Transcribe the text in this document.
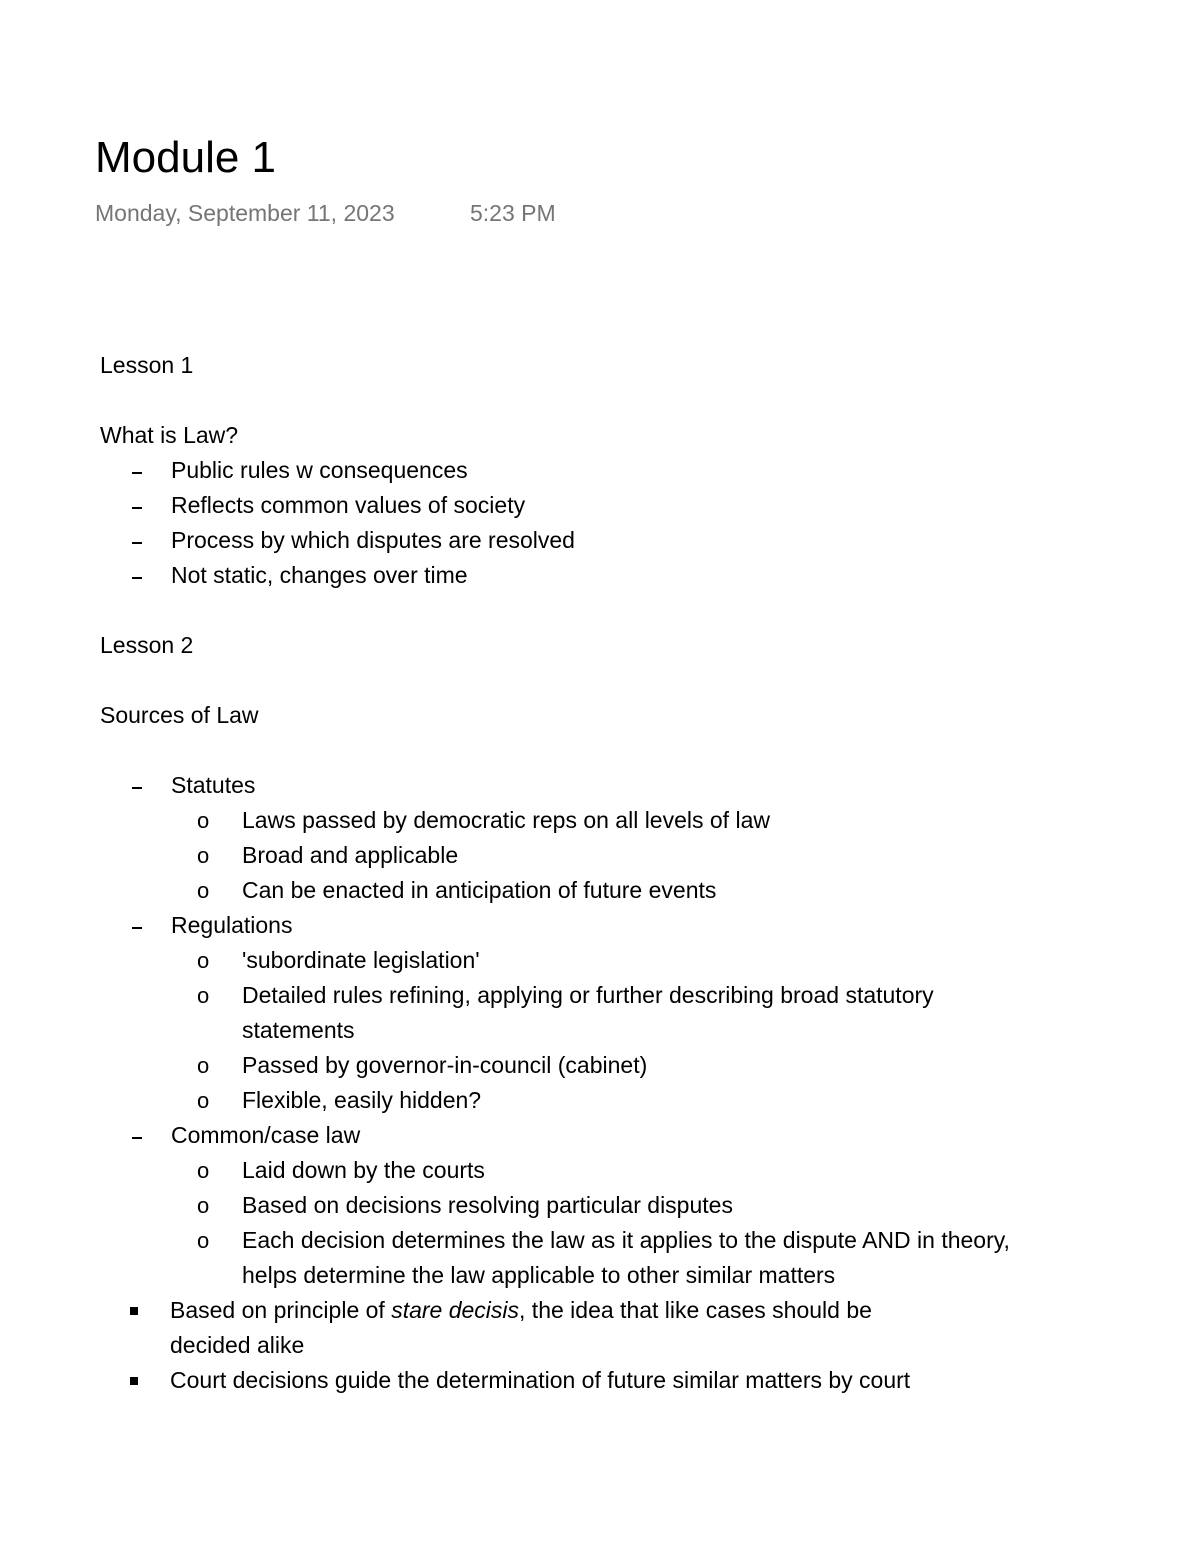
Module 1
Monday, September 11, 2023	5:23 PM

Lesson 1

What is Law?

Public rules w consequences
Reflects common values of society
Process by which disputes are resolved
Not static, changes over time

Lesson 2

Sources of Law

Statutes
o Laws passed by democratic reps on all levels of law
o Broad and applicable
o Can be enacted in anticipation of future events
Regulations
o 'subordinate legislation'
o Detailed rules refining, applying or further describing broad statutory statements
o Passed by governor-in-council (cabinet)
o Flexible, easily hidden?
Common/case law
o Laid down by the courts
o Based on decisions resolving particular disputes
o Each decision determines the law as it applies to the dispute AND in theory, helps determine the law applicable to other similar matters
Based on principle of stare decisis, the idea that like cases should be decided alike
Court decisions guide the determination of future similar matters by court
